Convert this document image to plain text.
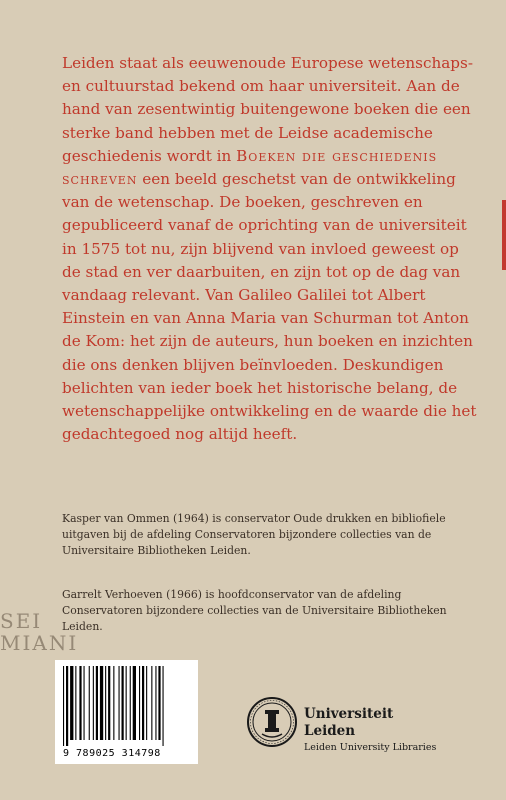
SEI MIANI

Leiden staat als eeuwenoude Europese wetenschaps- en cultuurstad bekend om haar universiteit. Aan de hand van zesentwintig buitengewone boeken die een sterke band hebben met de Leidse academische geschiedenis wordt in Boeken die geschiedenis schreven een beeld geschetst van de ontwikkeling van de wetenschap. De boeken, geschreven en gepubliceerd vanaf de oprichting van de universiteit in 1575 tot nu, zijn blijvend van invloed geweest op de stad en ver daarbuiten, en zijn tot op de dag van vandaag relevant. Van Galileo Galilei tot Albert Einstein en van Anna Maria van Schurman tot Anton de Kom: het zijn de auteurs, hun boeken en inzichten die ons denken blijven beïnvloeden. Deskundigen belichten van ieder boek het historische belang, de wetenschappelijke ontwikkeling en de waarde die het gedachtegoed nog altijd heeft.

Kasper van Ommen (1964) is conservator Oude drukken en bibliofiele uitgaven bij de afdeling Conservatoren bijzondere collecties van de Universitaire Bibliotheken Leiden.

Garrelt Verhoeven (1966) is hoofdconservator van de afdeling Conservatoren bijzondere collecties van de Universitaire Bibliotheken Leiden.

9 789025 314798
Universiteit
Leiden
Leiden University Libraries
